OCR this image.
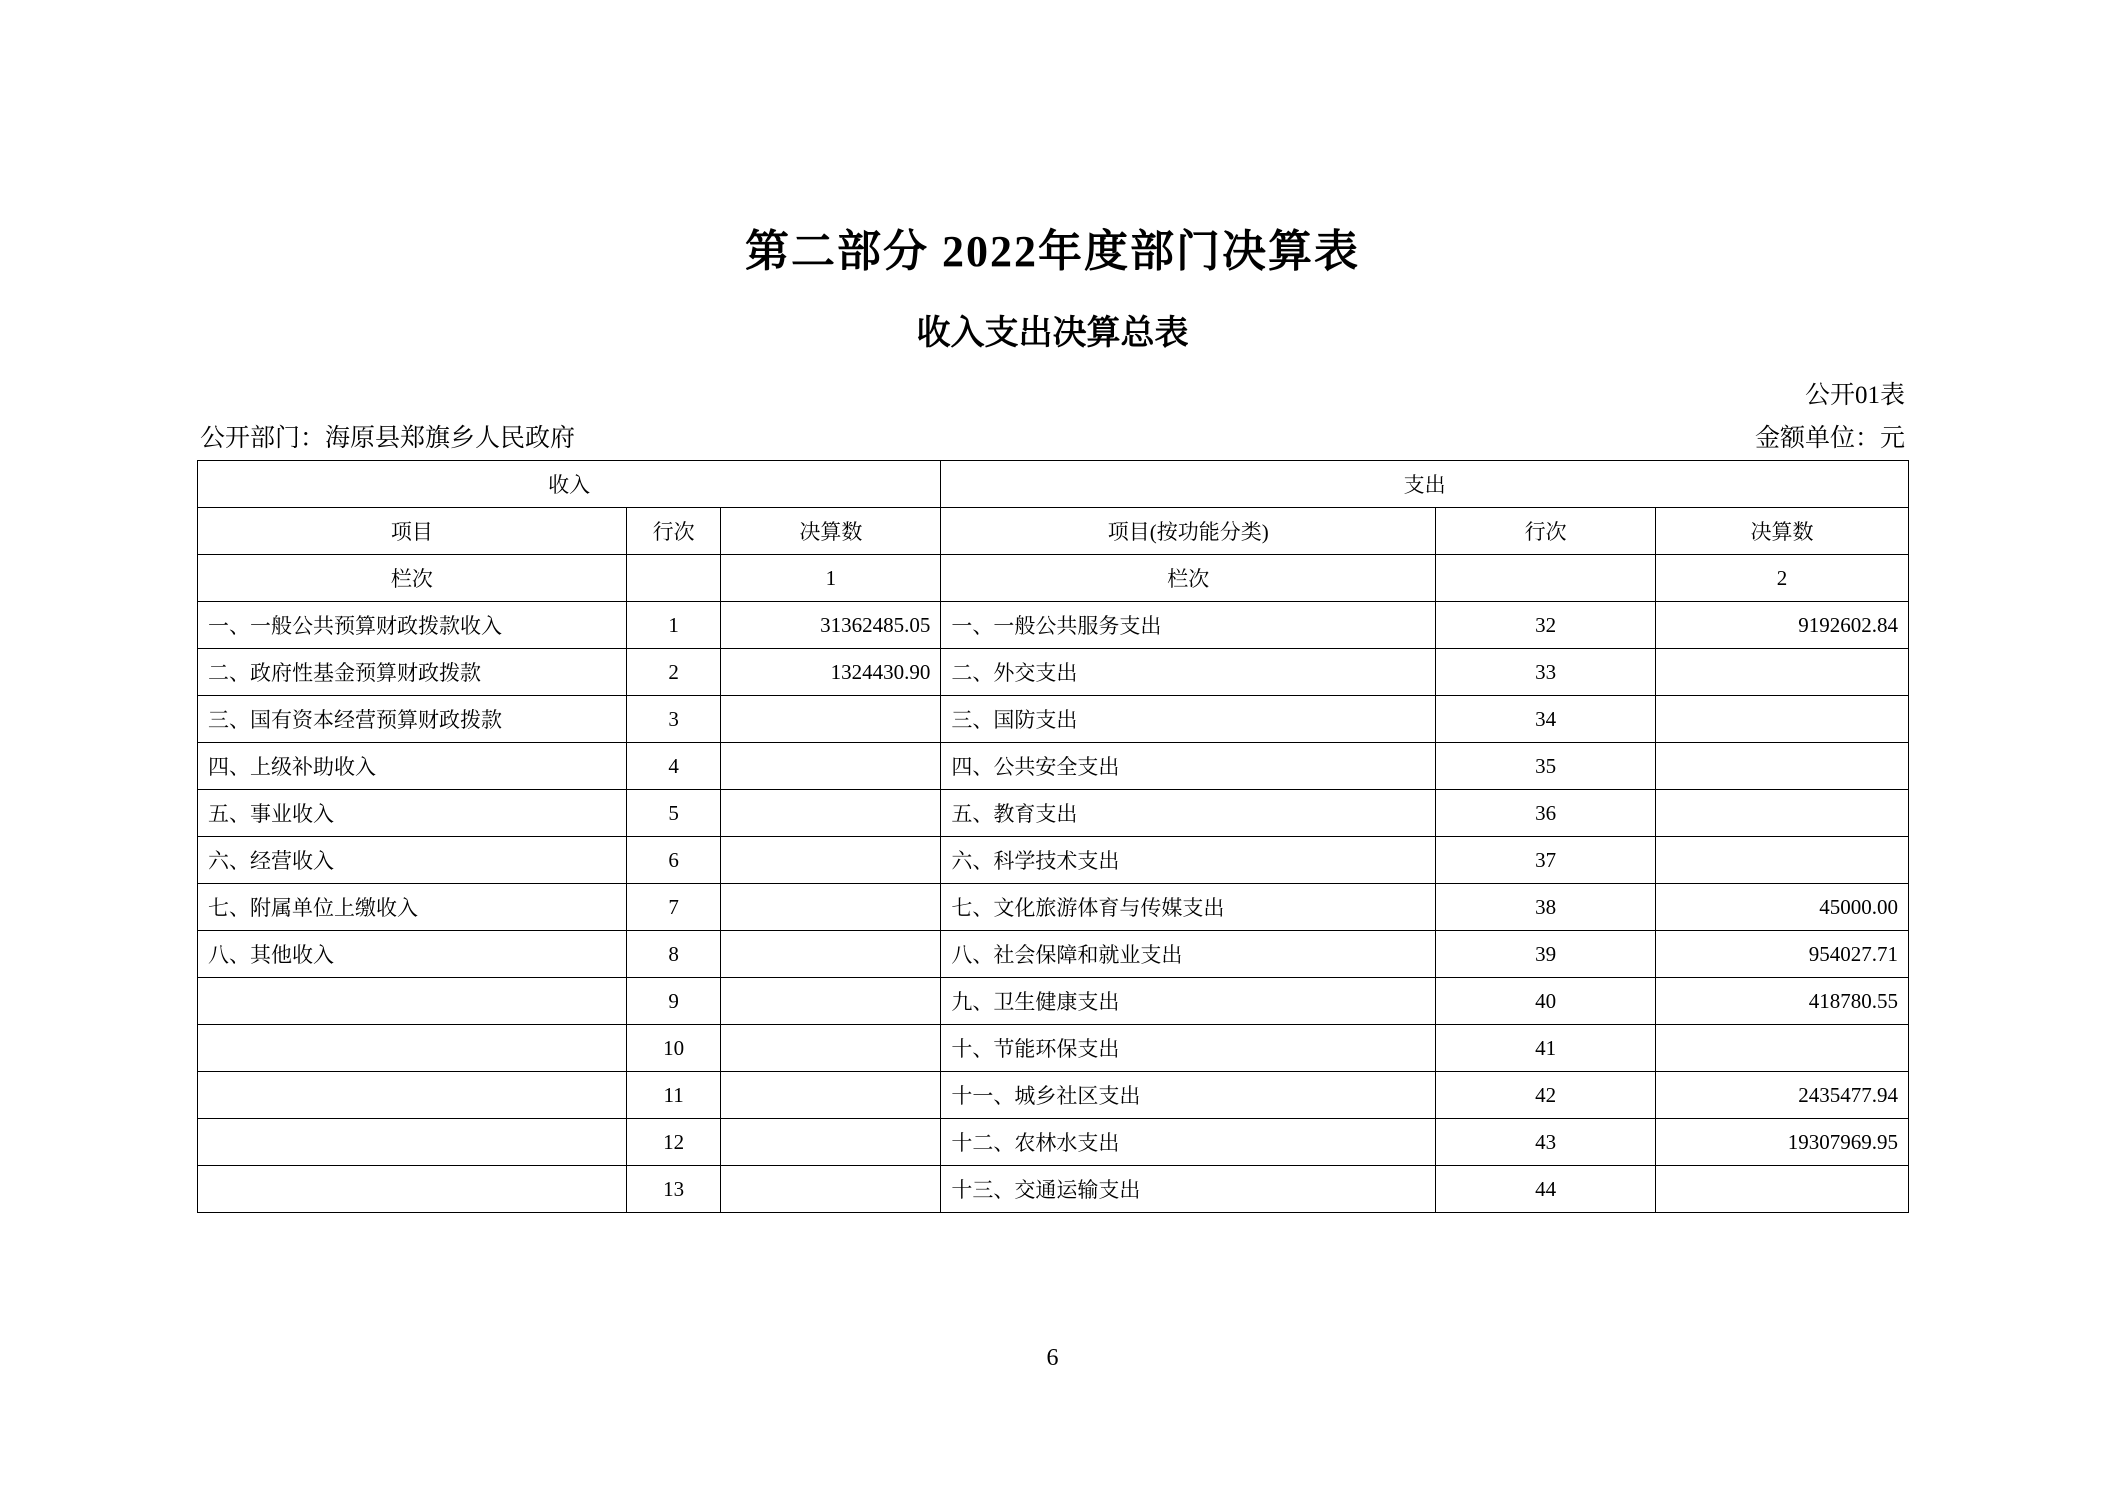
第二部分 2022年度部门决算表
收入支出决算总表
公开01表
公开部门：海原县郑旗乡人民政府	金额单位：元
收入			支出		
项目	行次	决算数	项目(按功能分类)	行次	决算数
栏次		1	栏次		2
一、一般公共预算财政拨款收入	1	31362485.05	一、一般公共服务支出	32	9192602.84
二、政府性基金预算财政拨款	2	1324430.90	二、外交支出	33	
三、国有资本经营预算财政拨款	3		三、国防支出	34	
四、上级补助收入	4		四、公共安全支出	35	
五、事业收入	5		五、教育支出	36	
六、经营收入	6		六、科学技术支出	37	
七、附属单位上缴收入	7		七、文化旅游体育与传媒支出	38	45000.00
八、其他收入	8		八、社会保障和就业支出	39	954027.71
	9		九、卫生健康支出	40	418780.55
	10		十、节能环保支出	41	
	11		十一、城乡社区支出	42	2435477.94
	12		十二、农林水支出	43	19307969.95
	13		十三、交通运输支出	44	
6
